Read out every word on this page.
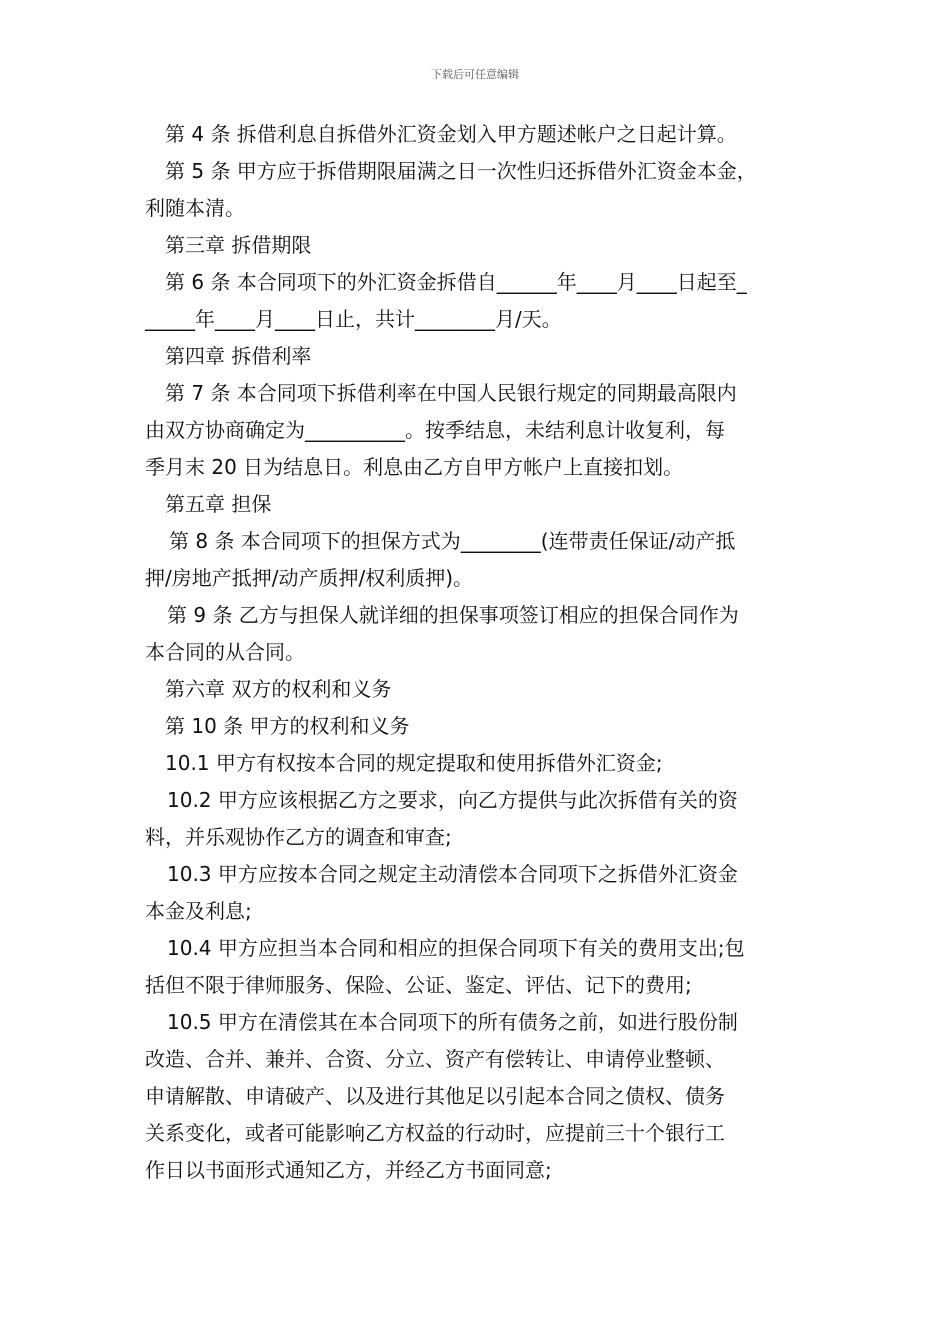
下载后可任意编辑
第 4 条 拆借利息自拆借外汇资金划入甲方题述帐户之日起计算。
第 5 条 甲方应于拆借期限届满之日一次性归还拆借外汇资金本金，
利随本清。
第三章 拆借期限
第 6 条 本合同项下的外汇资金拆借自______年____月____日起至_
_____年____月____日止，共计________月/天。
第四章 拆借利率
第 7 条 本合同项下拆借利率在中国人民银行规定的同期最高限内
由双方协商确定为__________。按季结息，未结利息计收复利，每
季月末 20 日为结息日。利息由乙方自甲方帐户上直接扣划。
第五章 担保
第 8 条 本合同项下的担保方式为________(连带责任保证/动产抵
押/房地产抵押/动产质押/权利质押)。
第 9 条 乙方与担保人就详细的担保事项签订相应的担保合同作为
本合同的从合同。
第六章 双方的权利和义务
第 10 条 甲方的权利和义务
10.1 甲方有权按本合同的规定提取和使用拆借外汇资金;
10.2 甲方应该根据乙方之要求，向乙方提供与此次拆借有关的资
料，并乐观协作乙方的调查和审查;
10.3 甲方应按本合同之规定主动清偿本合同项下之拆借外汇资金
本金及利息;
10.4 甲方应担当本合同和相应的担保合同项下有关的费用支出;包
括但不限于律师服务、保险、公证、鉴定、评估、记下的费用;
10.5 甲方在清偿其在本合同项下的所有债务之前，如进行股份制
改造、合并、兼并、合资、分立、资产有偿转让、申请停业整顿、
申请解散、申请破产、以及进行其他足以引起本合同之债权、债务
关系变化，或者可能影响乙方权益的行动时，应提前三十个银行工
作日以书面形式通知乙方，并经乙方书面同意;
